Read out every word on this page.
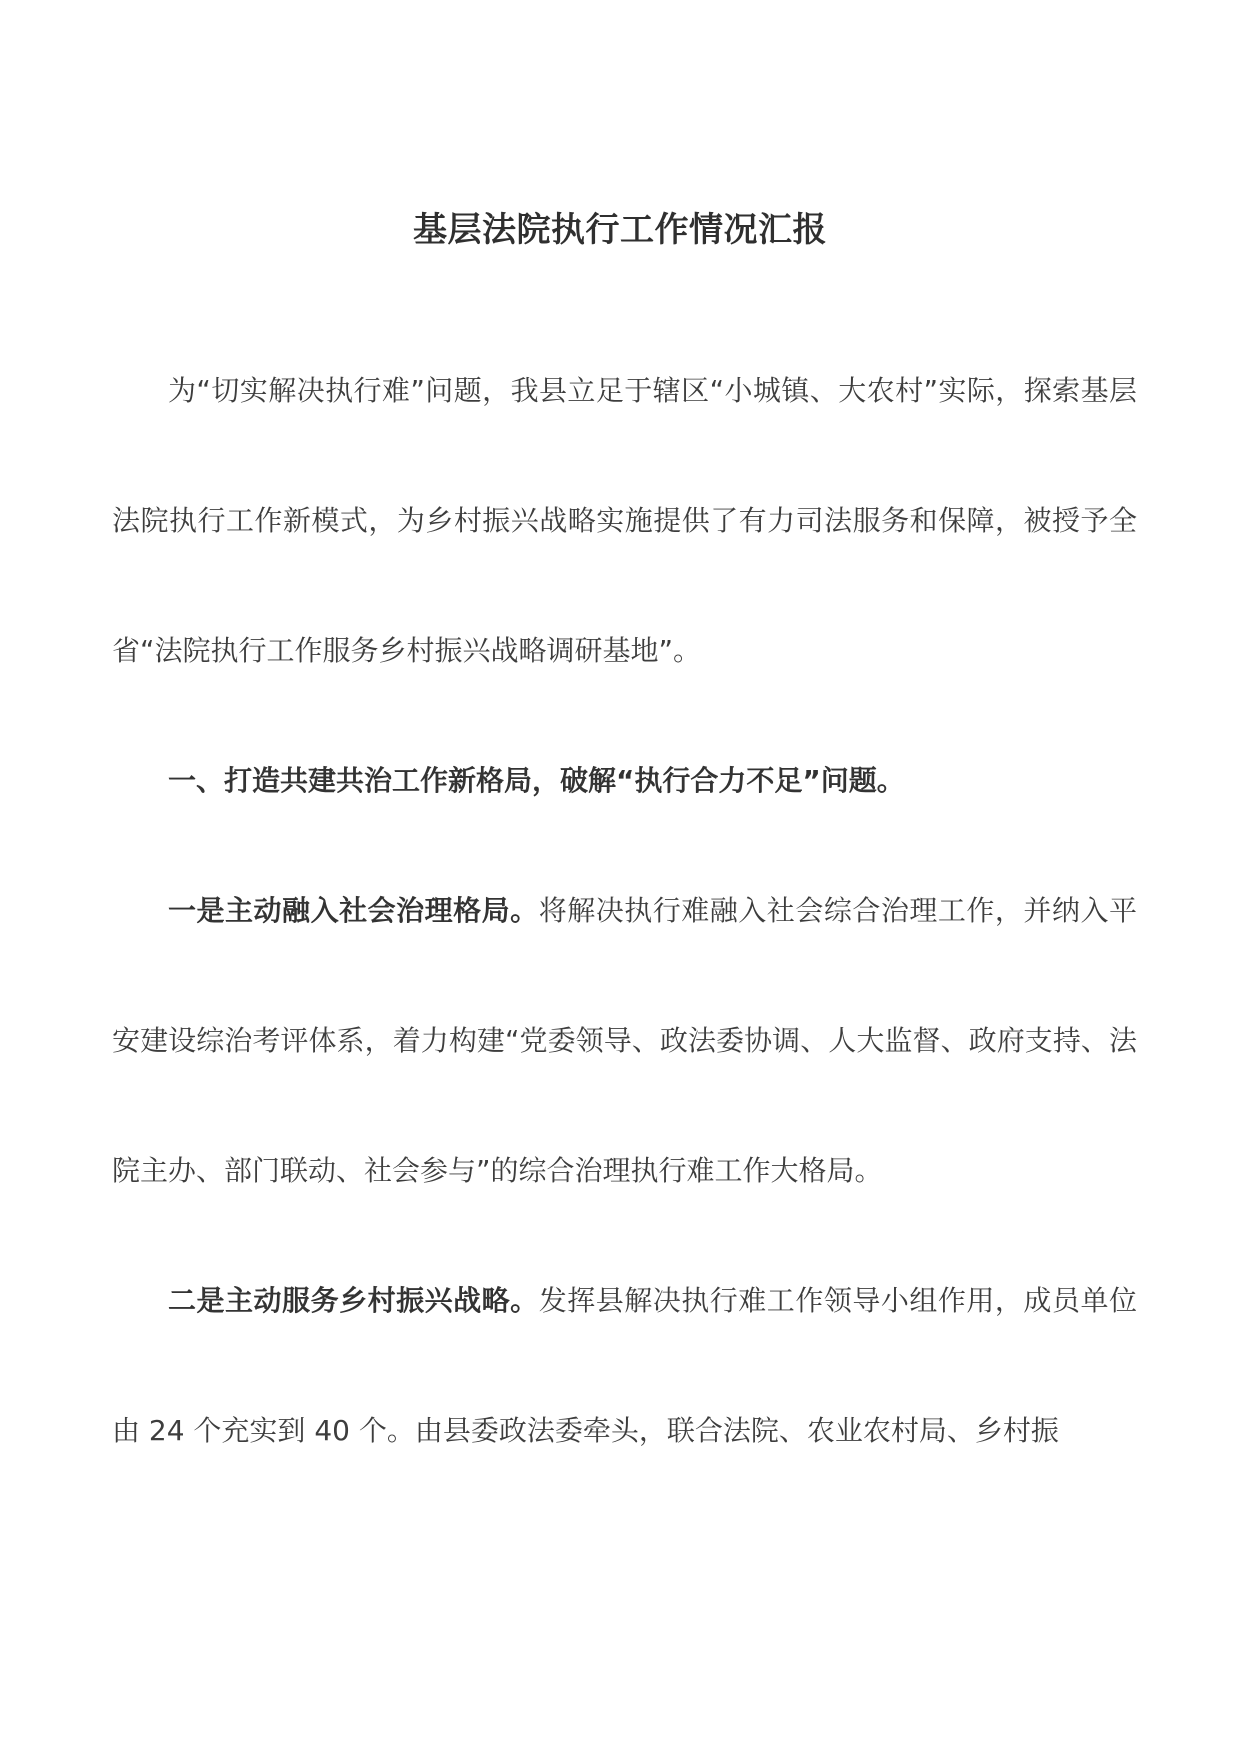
基层法院执行工作情况汇报

为“切实解决执行难”问题，我县立足于辖区“小城镇、大农村”实际，探索基层法院执行工作新模式，为乡村振兴战略实施提供了有力司法服务和保障，被授予全省“法院执行工作服务乡村振兴战略调研基地”。

一、打造共建共治工作新格局，破解“执行合力不足”问题。

一是主动融入社会治理格局。将解决执行难融入社会综合治理工作，并纳入平安建设综治考评体系，着力构建“党委领导、政法委协调、人大监督、政府支持、法院主办、部门联动、社会参与”的综合治理执行难工作大格局。

二是主动服务乡村振兴战略。发挥县解决执行难工作领导小组作用，成员单位由 24 个充实到 40 个。由县委政法委牵头，联合法院、农业农村局、乡村振
